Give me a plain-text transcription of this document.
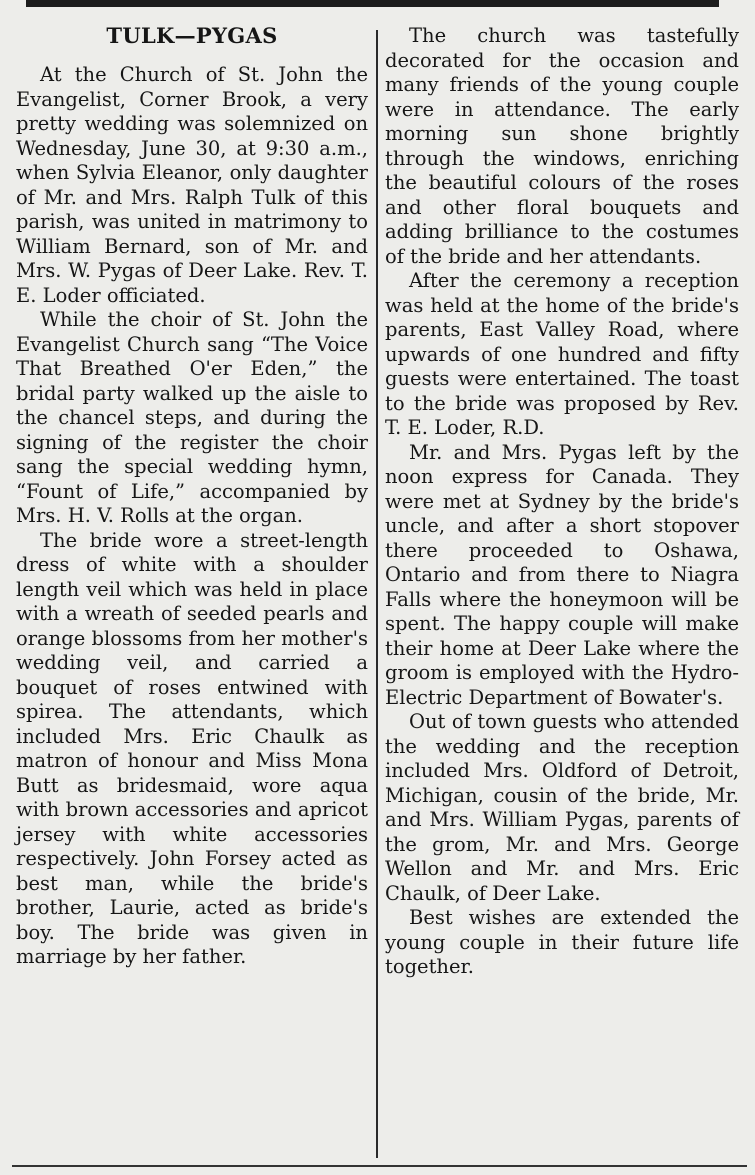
TULK—PYGAS

At the Church of St. John the Evangelist, Corner Brook, a very pretty wedding was solemnized on Wednesday, June 30, at 9:30 a.m., when Sylvia Eleanor, only daughter of Mr. and Mrs. Ralph Tulk of this parish, was united in matrimony to William Bernard, son of Mr. and Mrs. W. Pygas of Deer Lake. Rev. T. E. Loder officiated.

While the choir of St. John the Evangelist Church sang “The Voice That Breathed O'er Eden,” the bridal party walked up the aisle to the chancel steps, and during the signing of the register the choir sang the special wedding hymn, “Fount of Life,” accompanied by Mrs. H. V. Rolls at the organ.

The bride wore a street-length dress of white with a shoulder length veil which was held in place with a wreath of seeded pearls and orange blossoms from her mother's wedding veil, and carried a bouquet of roses entwined with spirea. The attendants, which included Mrs. Eric Chaulk as matron of honour and Miss Mona Butt as bridesmaid, wore aqua with brown accessories and apricot jersey with white accessories respectively. John Forsey acted as best man, while the bride's brother, Laurie, acted as bride's boy. The bride was given in marriage by her father.

The church was tastefully decorated for the occasion and many friends of the young couple were in attendance. The early morning sun shone brightly through the windows, enriching the beautiful colours of the roses and other floral bouquets and adding brilliance to the costumes of the bride and her attendants.

After the ceremony a reception was held at the home of the bride's parents, East Valley Road, where upwards of one hundred and fifty guests were entertained. The toast to the bride was proposed by Rev. T. E. Loder, R.D.

Mr. and Mrs. Pygas left by the noon express for Canada. They were met at Sydney by the bride's uncle, and after a short stopover there proceeded to Oshawa, Ontario and from there to Niagra Falls where the honeymoon will be spent. The happy couple will make their home at Deer Lake where the groom is employed with the Hydro-Electric Department of Bowater's.

Out of town guests who attended the wedding and the reception included Mrs. Oldford of Detroit, Michigan, cousin of the bride, Mr. and Mrs. William Pygas, parents of the grom, Mr. and Mrs. George Wellon and Mr. and Mrs. Eric Chaulk, of Deer Lake.

Best wishes are extended the young couple in their future life together.
